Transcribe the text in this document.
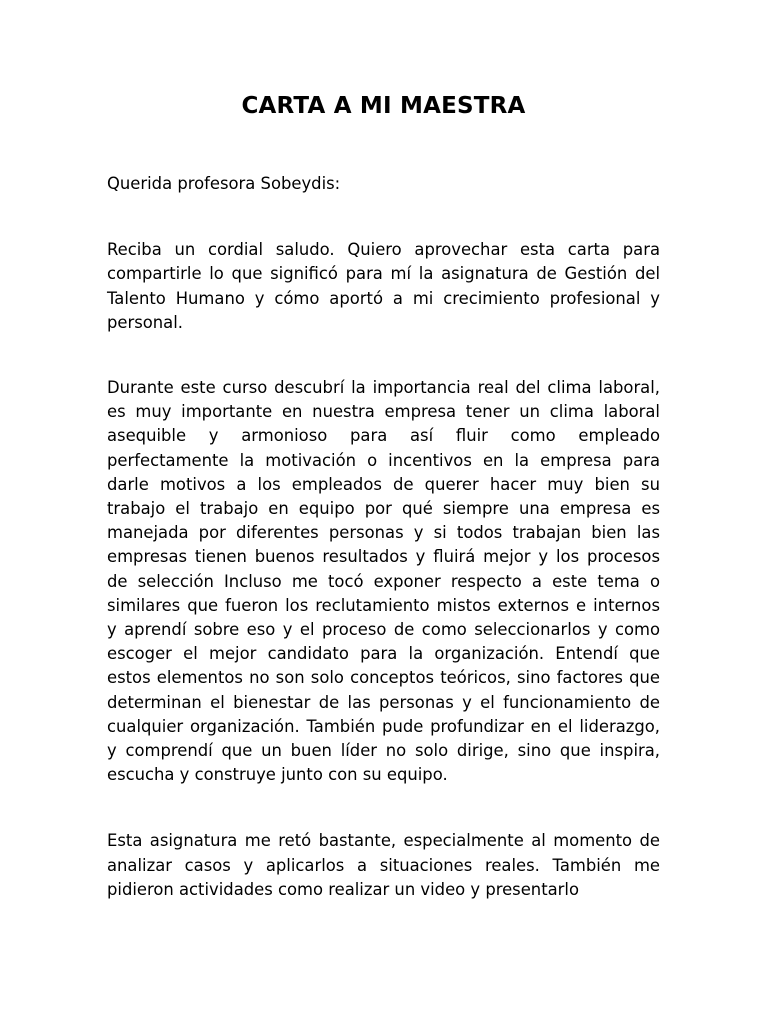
CARTA A MI MAESTRA

Querida profesora Sobeydis:

Reciba un cordial saludo. Quiero aprovechar esta carta para compartirle lo que significó para mí la asignatura de Gestión del Talento Humano y cómo aportó a mi crecimiento profesional y personal.

Durante este curso descubrí la importancia real del clima laboral, es muy importante en nuestra empresa tener un clima laboral asequible y armonioso para así fluir como empleado perfectamente la motivación o incentivos en la empresa para darle motivos a los empleados de querer hacer muy bien su trabajo el trabajo en equipo por qué siempre una empresa es manejada por diferentes personas y si todos trabajan bien las empresas tienen buenos resultados y fluirá mejor y los procesos de selección Incluso me tocó exponer respecto a este tema o similares que fueron los reclutamiento mistos externos e internos y aprendí sobre eso y el proceso de como seleccionarlos y como escoger el mejor candidato para la organización. Entendí que estos elementos no son solo conceptos teóricos, sino factores que determinan el bienestar de las personas y el funcionamiento de cualquier organización. También pude profundizar en el liderazgo, y comprendí que un buen líder no solo dirige, sino que inspira, escucha y construye junto con su equipo.

Esta asignatura me retó bastante, especialmente al momento de analizar casos y aplicarlos a situaciones reales. También me pidieron actividades como realizar un video y presentarlo
